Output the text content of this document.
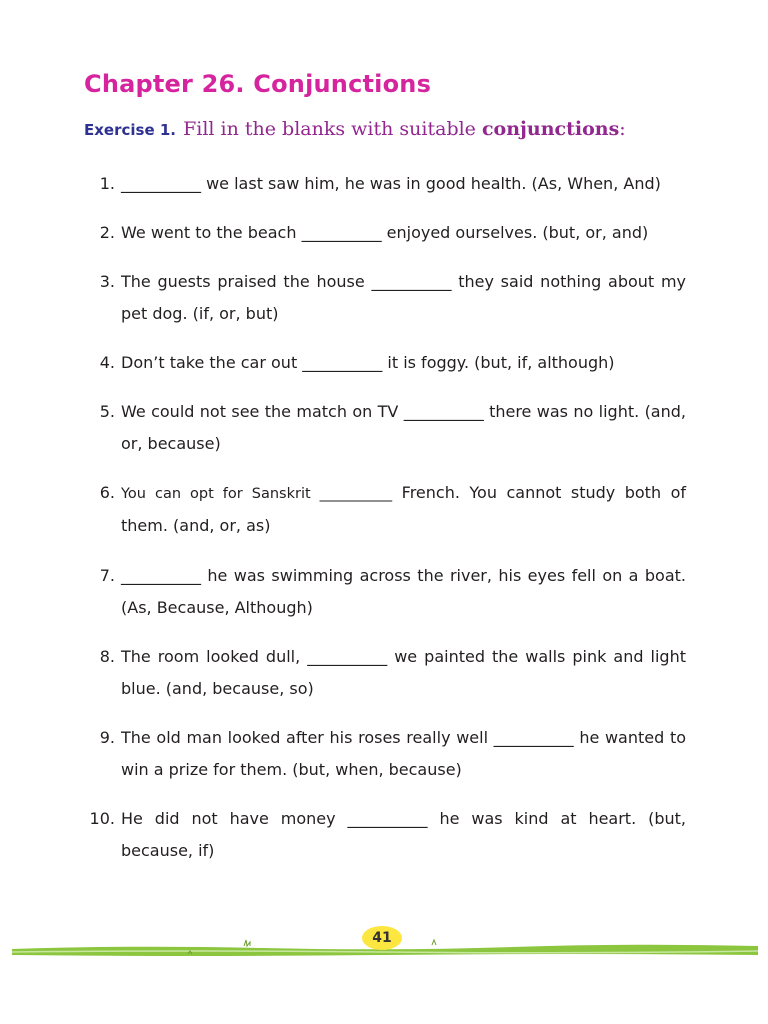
Chapter 26. Conjunctions
Exercise 1. Fill in the blanks with suitable conjunctions:
1. __________ we last saw him, he was in good health. (As, When, And)
2. We went to the beach __________ enjoyed ourselves. (but, or, and)
3. The guests praised the house __________ they said nothing about my pet dog. (if, or, but)
4. Don’t take the car out __________ it is foggy. (but, if, although)
5. We could not see the match on TV __________ there was no light. (and, or, because)
6. You can opt for Sanskrit __________ French. You cannot study both of them. (and, or, as)
7. __________ he was swimming across the river, his eyes fell on a boat. (As, Because, Although)
8. The room looked dull, __________ we painted the walls pink and light blue. (and, because, so)
9. The old man looked after his roses really well __________ he wanted to win a prize for them. (but, when, because)
10. He did not have money __________ he was kind at heart. (but, because, if)
41
